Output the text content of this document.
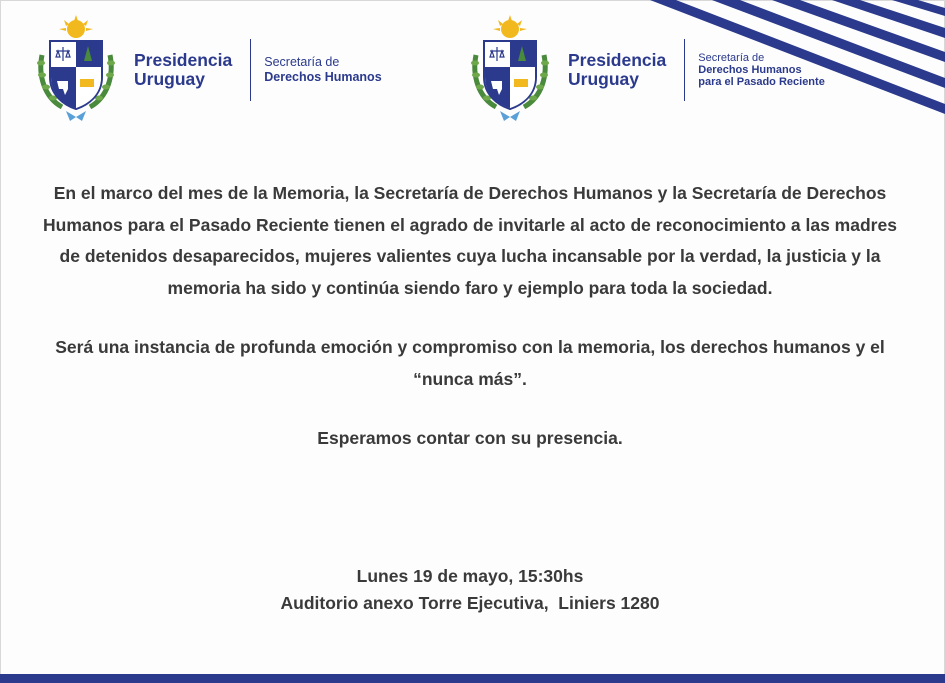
Presidencia
Uruguay
Secretaría de
Derechos Humanos
Presidencia
Uruguay
Secretaría de
Derechos Humanos
para el Pasado Reciente

En el marco del mes de la Memoria, la Secretaría de Derechos Humanos y la Secretaría de Derechos Humanos para el Pasado Reciente tienen el agrado de invitarle al acto de reconocimiento a las madres de detenidos desaparecidos, mujeres valientes cuya lucha incansable por la verdad, la justicia y la memoria ha sido y continúa siendo faro y ejemplo para toda la sociedad.

Será una instancia de profunda emoción y compromiso con la memoria, los derechos humanos y el “nunca más”.

Esperamos contar con su presencia.

Lunes 19 de mayo, 15:30hs
Auditorio anexo Torre Ejecutiva,  Liniers 1280
